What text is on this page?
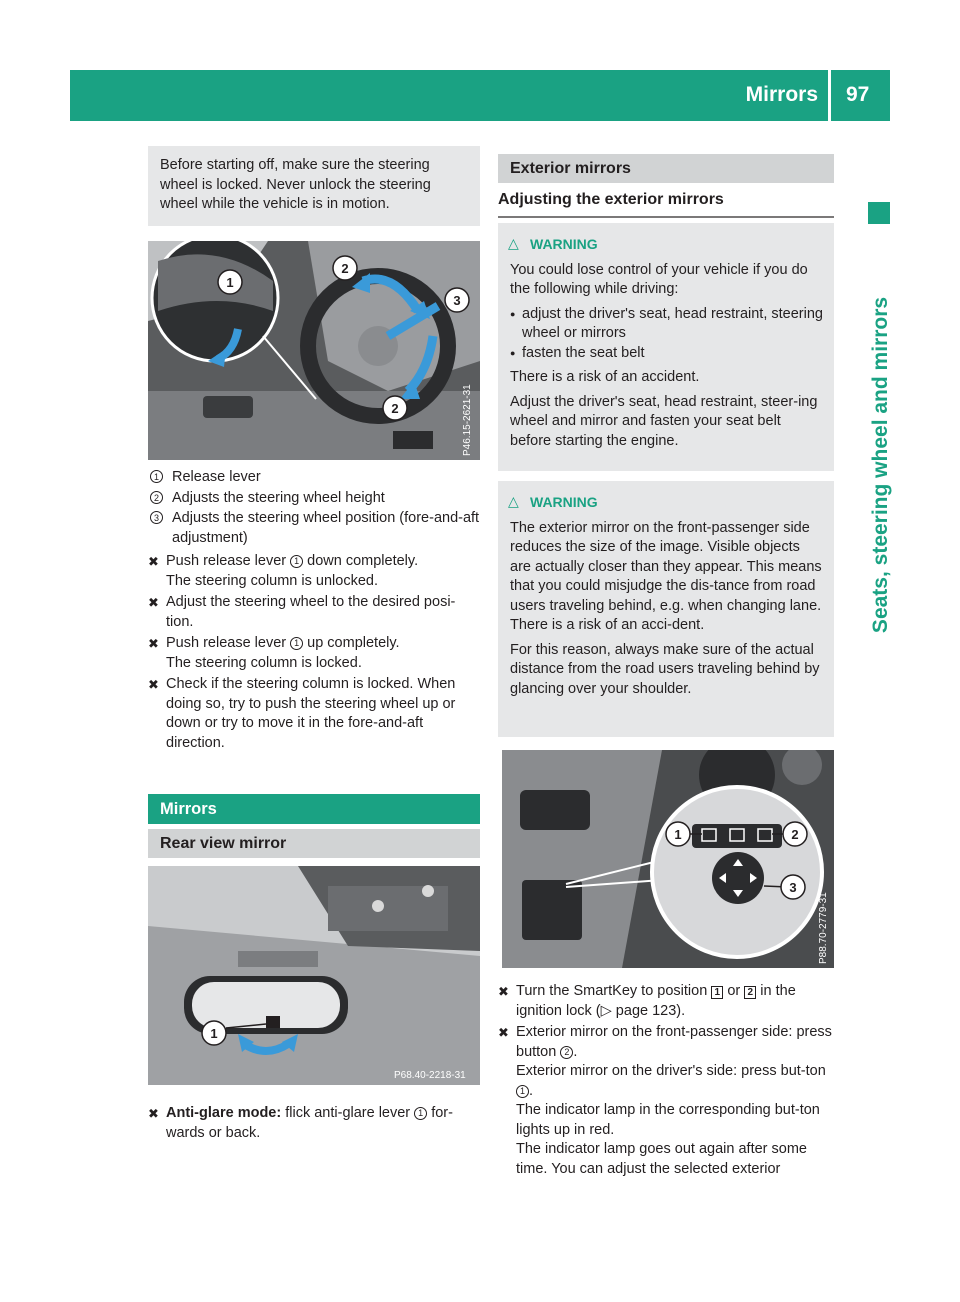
Mirrors 97
Seats, steering wheel and mirrors
Before starting off, make sure the steering wheel is locked. Never unlock the steering wheel while the vehicle is in motion.
1
2
3
2	P46.15-2621-31
1 Release lever
2 Adjusts the steering wheel height
3 Adjusts the steering wheel position (fore-and-aft adjustment)
✖ Push release lever 1 down completely.
The steering column is unlocked.
✖ Adjust the steering wheel to the desired posi-tion.
✖ Push release lever 1 up completely.
The steering column is locked.
✖ Check if the steering column is locked. When doing so, try to push the steering wheel up or down or try to move it in the fore-and-aft direction.
Mirrors
Rear view mirror
1
P68.40-2218-31
✖ Anti-glare mode: flick anti-glare lever 1 for-wards or back.
Exterior mirrors
Adjusting the exterior mirrors
△ WARNING

You could lose control of your vehicle if you do the following while driving:

● adjust the driver's seat, head restraint, steering wheel or mirrors
● fasten the seat belt

There is a risk of an accident.

Adjust the driver's seat, head restraint, steer-ing wheel and mirror and fasten your seat belt before starting the engine.

△ WARNING

The exterior mirror on the front-passenger side reduces the size of the image. Visible objects are actually closer than they appear. This means that you could misjudge the dis-tance from road users traveling behind, e.g. when changing lane. There is a risk of an acci-dent.

For this reason, always make sure of the actual distance from the road users traveling behind by glancing over your shoulder.

1	2
3
P88.70-2779-31
✖ Turn the SmartKey to position 1 or 2 in the ignition lock (▷ page 123).
✖ Exterior mirror on the front-passenger side: press button 2 .
Exterior mirror on the driver's side: press but-ton 1 .
The indicator lamp in the corresponding but-ton lights up in red.
The indicator lamp goes out again after some time. You can adjust the selected exterior
